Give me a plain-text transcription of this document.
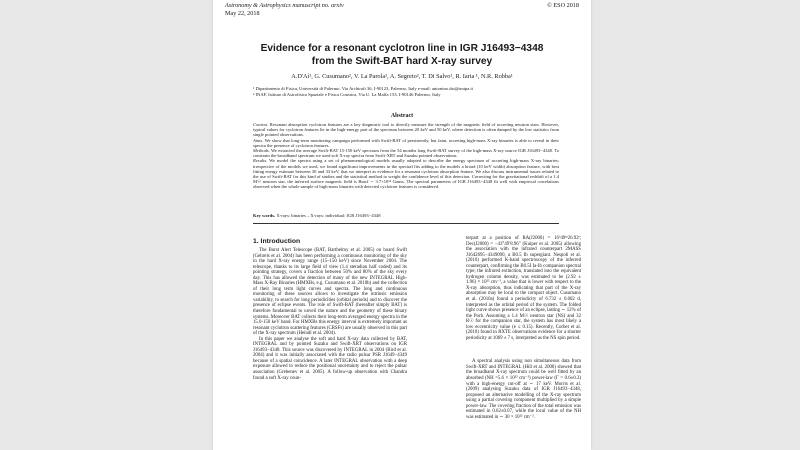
Astronomy & Astrophysics manuscript no. arxiv
May 22, 2018
© ESO 2018
Evidence for a resonant cyclotron line in IGR J16493−4348
from the Swift-BAT hard X-ray survey
A.D'Aì¹, G. Cusumano², V. La Parola², A. Segreto², T. Di Salvo¹, R. Iaria ¹, N.R. Robba¹
¹ Dipartimento di Fisica, Università di Palermo, Via Archirafi 36, I-90123, Palermo, Italy e-mail: antonino.dai@unipa.it
² INAF, Istituto di Astrofisica Spaziale e Fisica Cosmica, Via U. La Malfa 153, I-90146 Palermo, Italy
Abstract

Context. Resonant absorption cyclotron features are a key diagnostic tool to directly measure the strength of the magnetic field of accreting neutron stars. However, typical values for cyclotron features lie in the high-energy part of the spectrum between 20 keV and 50 keV, where detection is often damped by the low statistics from single pointed observations.

Aims. We show that long-term monitoring campaign performed with Swift-BAT of persistently, but faint, accreting high-mass X-ray binaries is able to reveal in their spectra the presence of cyclotron features.

Methods. We extracted the average Swift-BAT 15-150 keV spectrum from the 54 months long Swift-BAT survey of the high-mass X-ray source IGR J16493−4348. To constrain the broadband spectrum we used soft X-ray spectra from Swift-XRT and Suzaku pointed observations.

Results. We model the spectra using a set of phenomenological models usually adopted to describe the energy spectrum of accreting high-mass X-ray binaries; irrespective of the models we used, we found significant improvements in the spectral fits adding to the models a broad (10 keV width) absorption feature, with best fitting energy estimate between 30 and 33 keV, that we interpret as evidence for a resonant cyclotron absorption feature. We also discuss instrumental issues related to the use of Swift-BAT for this kind of studies and the statistical method to weight the confidence level of this detection. Correcting for the gravitational redshift of a 1.4 M☉ neutron star, the inferred surface magnetic field is Bsurf ∼ 3.7×10¹² Gauss. The spectral parameters of IGR J16493−4348 fit well with empirical correlations observed when the whole sample of high-mass binaries with detected cyclotron features is considered.

Key words. X-rays: binaries – X-rays: individual: IGR J16493−4348
1. Introduction

The Burst Alert Telescope (BAT, Barthelmy et al. 2005) on board Swift (Gehrels et al. 2004) has been performing a continuous monitoring of the sky in the hard X-ray energy range (15–150 keV) since November 2004. The telescope, thanks to its large field of view (1.4 steradian half coded) and its pointing strategy, covers a fraction between 50% and 80% of the sky every day. This has allowed the detection of many of the new INTEGRAL High-Mass X-Ray Binaries (HMXBs, e.g. Cusumano et al. 2010b) and the collection of their long term light curves and spectra. The long and continuous monitoring of these sources allows to investigate the intrinsic emission variability, to search for long periodicities (orbital periods) and to discover the presence of eclipse events. The role of Swift-BAT (hereafter simply BAT) is therefore fundamental to unveil the nature and the geometry of these binary systems. Moreover BAT collects their long-term averaged energy spectra in the 15.0-150 keV band. For HMXBs this energy interval is extremely important as resonant cyclotron scattering features (CRSFs) are usually observed in this part of the X-ray spectrum (Heindl et al. 2004).

In this paper we analyse the soft and hard X-ray data collected by BAT, INTEGRAL and by pointed Suzaku and Swift-XRT observations on IGR J16493−4348. This source was discovered by INTEGRAL in 2004 (Bird et al. 2004) and it was initially associated with the radio pulsar PSR J1649−4349 because of a spatial coincidence. A later INTEGRAL observation with a deep exposure allowed to reduce the positional uncertainty and to reject the pulsar association (Grebenev et al. 2005). A follow-up observation with Chandra found a soft X-ray coun-

terpart at a position of RA(J2000) = 16ʰ49ᵐ26.92ˢ; Dec(J2000) = −43°49′8.96″ (Kuiper et al. 2005) allowing the association with the infrared counterpart 2MASS J1642695−4349090, a B0.5 Ib supergiant. Nespoli et al. (2010) performed K-band spectroscopy of the inferred counterpart, confirming the B0.5I Ia-Ib companion spectral type; the infrared extinction, translated into the equivalent hydrogen column density, was estimated to be (2.92 ± 1.96) × 10²² cm⁻², a value that is lower with respect to the X-ray absorption, thus indicating that part of the X-ray absorption may be local to the compact object. Cusumano et al. (2010a) found a periodicity of 6.732 ± 0.002 d, interpreted as the orbital period of the system. The folded light curve shows presence of an eclipse, lasting ∼ 12% of the Porb. Assuming a 1.4 M☉ neutron star (NS) and 32 R☉ for the companion star, the system has most likely a low eccentricity value (e ≤ 0.15). Recently, Corbet et al. (2010) found in RXTE observations evidence for a shorter periodicity at 1069 ± 7 s, interpreted as the NS spin period.

A spectral analysis using non simultaneous data from Swift-XRT and INTEGRAL (Hill et al. 2008) showed that the broadband X-ray spectrum could be well fitted by an absorbed (NH =5.6 × 10²² cm⁻²) power-law (Γ = 0.6±0.3) with a high-energy cut-off at ∼ 17 keV. Morris et al. (2009) analysing Suzaku data of IGR J16493−4348, proposed an alternative modelling of the X-ray spectrum using a partial covering component multiplied by a simple power-law. The covering fraction of the total emission was estimated in 0.62±0.07, while the local value of the NH was estimated in ∼ 30 × 10²² cm⁻².
